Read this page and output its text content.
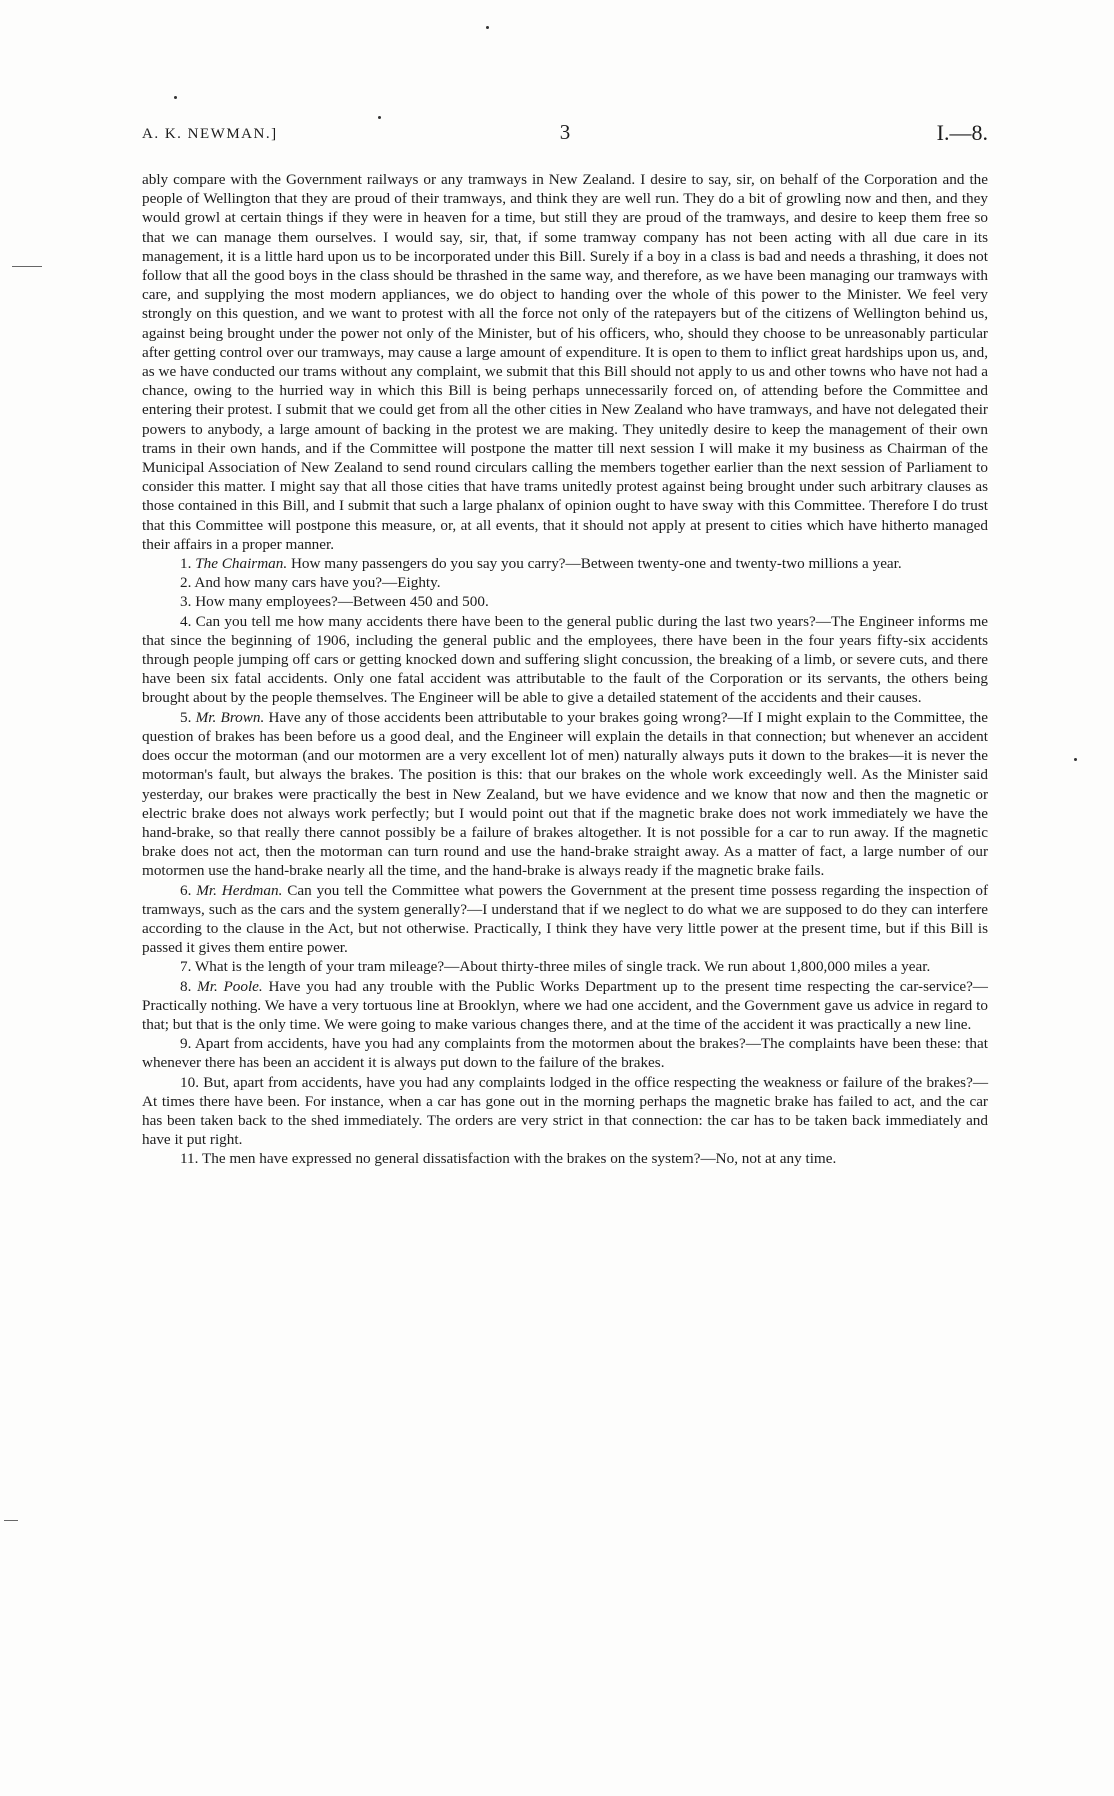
A. K. NEWMAN.]	3	I.—8.

ably compare with the Government railways or any tramways in New Zealand. I desire to say, sir, on behalf of the Corporation and the people of Wellington that they are proud of their tramways, and think they are well run. They do a bit of growling now and then, and they would growl at certain things if they were in heaven for a time, but still they are proud of the tramways, and desire to keep them free so that we can manage them ourselves. I would say, sir, that, if some tramway company has not been acting with all due care in its management, it is a little hard upon us to be incorporated under this Bill. Surely if a boy in a class is bad and needs a thrashing, it does not follow that all the good boys in the class should be thrashed in the same way, and therefore, as we have been managing our tramways with care, and supplying the most modern appliances, we do object to handing over the whole of this power to the Minister. We feel very strongly on this question, and we want to protest with all the force not only of the ratepayers but of the citizens of Wellington behind us, against being brought under the power not only of the Minister, but of his officers, who, should they choose to be unreasonably particular after getting control over our tramways, may cause a large amount of expenditure. It is open to them to inflict great hardships upon us, and, as we have conducted our trams without any complaint, we submit that this Bill should not apply to us and other towns who have not had a chance, owing to the hurried way in which this Bill is being perhaps unnecessarily forced on, of attending before the Committee and entering their protest. I submit that we could get from all the other cities in New Zealand who have tramways, and have not delegated their powers to anybody, a large amount of backing in the protest we are making. They unitedly desire to keep the management of their own trams in their own hands, and if the Committee will postpone the matter till next session I will make it my business as Chairman of the Municipal Association of New Zealand to send round circulars calling the members together earlier than the next session of Parliament to consider this matter. I might say that all those cities that have trams unitedly protest against being brought under such arbitrary clauses as those contained in this Bill, and I submit that such a large phalanx of opinion ought to have sway with this Committee. Therefore I do trust that this Committee will postpone this measure, or, at all events, that it should not apply at present to cities which have hitherto managed their affairs in a proper manner.

1. The Chairman. How many passengers do you say you carry?—Between twenty-one and twenty-two millions a year.

2. And how many cars have you?—Eighty.

3. How many employees?—Between 450 and 500.

4. Can you tell me how many accidents there have been to the general public during the last two years?—The Engineer informs me that since the beginning of 1906, including the general public and the employees, there have been in the four years fifty-six accidents through people jumping off cars or getting knocked down and suffering slight concussion, the breaking of a limb, or severe cuts, and there have been six fatal accidents. Only one fatal accident was attributable to the fault of the Corporation or its servants, the others being brought about by the people themselves. The Engineer will be able to give a detailed statement of the accidents and their causes.

5. Mr. Brown. Have any of those accidents been attributable to your brakes going wrong?—If I might explain to the Committee, the question of brakes has been before us a good deal, and the Engineer will explain the details in that connection; but whenever an accident does occur the motorman (and our motormen are a very excellent lot of men) naturally always puts it down to the brakes—it is never the motorman's fault, but always the brakes. The position is this: that our brakes on the whole work exceedingly well. As the Minister said yesterday, our brakes were practically the best in New Zealand, but we have evidence and we know that now and then the magnetic or electric brake does not always work perfectly; but I would point out that if the magnetic brake does not work immediately we have the hand-brake, so that really there cannot possibly be a failure of brakes altogether. It is not possible for a car to run away. If the magnetic brake does not act, then the motorman can turn round and use the hand-brake straight away. As a matter of fact, a large number of our motormen use the hand-brake nearly all the time, and the hand-brake is always ready if the magnetic brake fails.

6. Mr. Herdman. Can you tell the Committee what powers the Government at the present time possess regarding the inspection of tramways, such as the cars and the system generally?—I understand that if we neglect to do what we are supposed to do they can interfere according to the clause in the Act, but not otherwise. Practically, I think they have very little power at the present time, but if this Bill is passed it gives them entire power.

7. What is the length of your tram mileage?—About thirty-three miles of single track. We run about 1,800,000 miles a year.

8. Mr. Poole. Have you had any trouble with the Public Works Department up to the present time respecting the car-service?—Practically nothing. We have a very tortuous line at Brooklyn, where we had one accident, and the Government gave us advice in regard to that; but that is the only time. We were going to make various changes there, and at the time of the accident it was practically a new line.

9. Apart from accidents, have you had any complaints from the motormen about the brakes?—The complaints have been these: that whenever there has been an accident it is always put down to the failure of the brakes.

10. But, apart from accidents, have you had any complaints lodged in the office respecting the weakness or failure of the brakes?—At times there have been. For instance, when a car has gone out in the morning perhaps the magnetic brake has failed to act, and the car has been taken back to the shed immediately. The orders are very strict in that connection: the car has to be taken back immediately and have it put right.

11. The men have expressed no general dissatisfaction with the brakes on the system?—No, not at any time.
